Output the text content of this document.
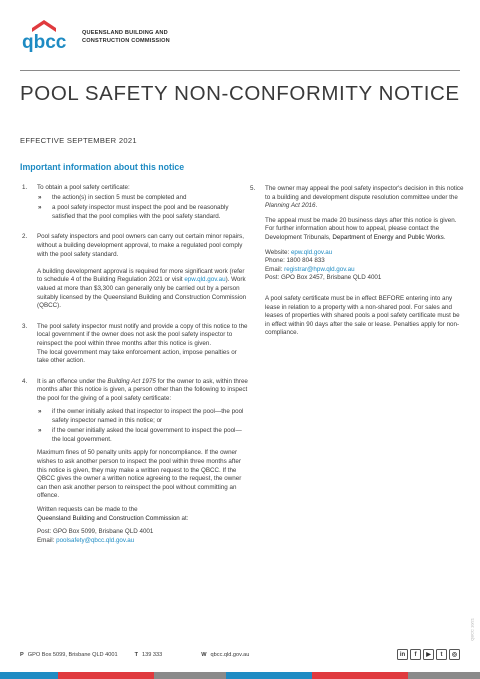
qbcc	QUEENSLAND BUILDING AND
CONSTRUCTION COMMISSION
POOL SAFETY NON-CONFORMITY NOTICE
EFFECTIVE SEPTEMBER 2021
Important information about this notice
1. To obtain a pool safety certificate:
» the action(s) in section 5 must be completed and
» a pool safety inspector must inspect the pool and be reasonably satisfied that the pool complies with the pool safety standard.
2. Pool safety inspectors and pool owners can carry out certain minor repairs, without a building development approval, to make a regulated pool comply with the pool safety standard.
A building development approval is required for more significant work (refer to schedule 4 of the Building Regulation 2021 or visit epw.qld.gov.au). Work valued at more than $3,300 can generally only be carried out by a person suitably licensed by the Queensland Building and Construction Commission (QBCC).
3. The pool safety inspector must notify and provide a copy of this notice to the local government if the owner does not ask the pool safety inspector to reinspect the pool within three months after this notice is given.
The local government may take enforcement action, impose penalties or take other action.
4. It is an offence under the Building Act 1975 for the owner to ask, within three months after this notice is given, a person other than the following to inspect the pool for the giving of a pool safety certificate:
» if the owner initially asked that inspector to inspect the pool—the pool safety inspector named in this notice; or
» if the owner initially asked the local government to inspect the pool—the local government.
Maximum fines of 50 penalty units apply for noncompliance. If the owner wishes to ask another person to inspect the pool within three months after this notice is given, they may make a written request to the QBCC. If the QBCC gives the owner a written notice agreeing to the request, the owner can then ask another person to reinspect the pool without committing an offence.
Written requests can be made to the
Queensland Building and Construction Commission at:
Post: GPO Box 5099, Brisbane QLD 4001
Email: poolsafety@qbcc.qld.gov.au
5. The owner may appeal the pool safety inspector's decision in this notice to a building and development dispute resolution committee under the Planning Act 2016.
The appeal must be made 20 business days after this notice is given. For further information about how to appeal, please contact the Development Tribunals, Department of Energy and Public Works.
Website: epw.qld.gov.au
Phone: 1800 804 833
Email: registrar@hpw.qld.gov.au
Post: GPO Box 2457, Brisbane QLD 4001
A pool safety certificate must be in effect BEFORE entering into any lease in relation to a property with a non-shared pool. For sales and leases of properties with shared pools a pool safety certificate must be in effect within 90 days after the sale or lease. Penalties apply for non-compliance.
P GPO Box 5099, Brisbane QLD 4001	T 139 333	W qbcc.qld.gov.au	in	f	▶	t	◎
QBCC 10/21
